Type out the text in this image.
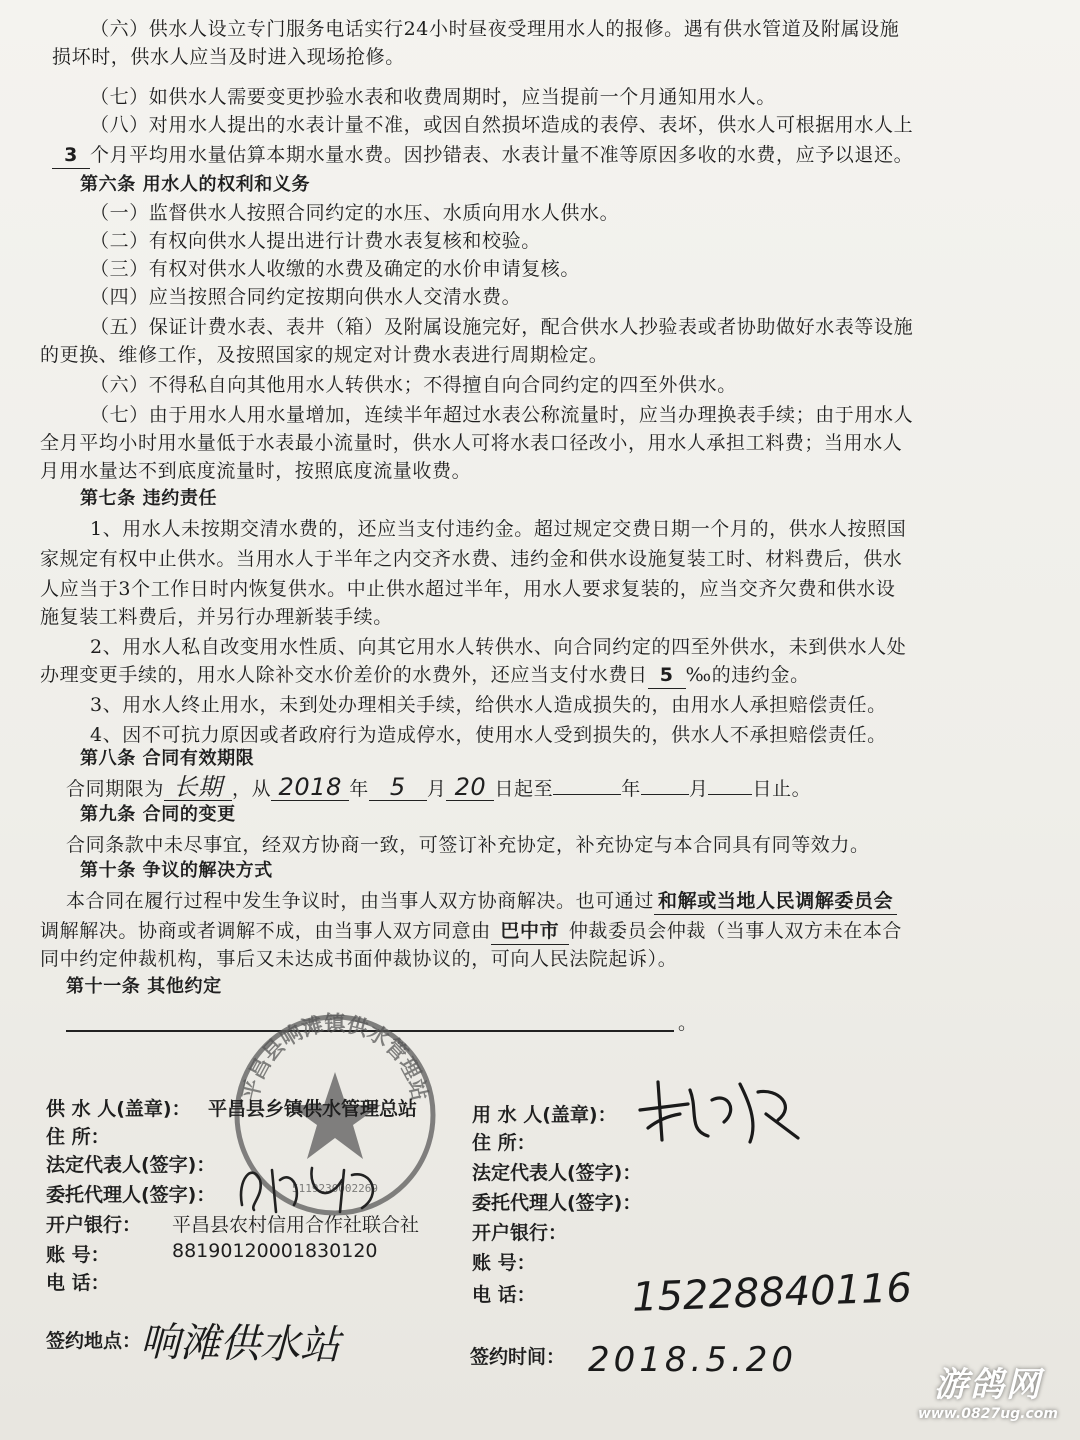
（六）供水人设立专门服务电话实行24小时昼夜受理用水人的报修。遇有供水管道及附属设施
损坏时，供水人应当及时进入现场抢修。
（七）如供水人需要变更抄验水表和收费周期时，应当提前一个月通知用水人。
（八）对用水人提出的水表计量不准，或因自然损坏造成的表停、表坏，供水人可根据用水人上
3 个月平均用水量估算本期水量水费。因抄错表、水表计量不准等原因多收的水费，应予以退还。
第六条 用水人的权利和义务
（一）监督供水人按照合同约定的水压、水质向用水人供水。
（二）有权向供水人提出进行计费水表复核和校验。
（三）有权对供水人收缴的水费及确定的水价申请复核。
（四）应当按照合同约定按期向供水人交清水费。
（五）保证计费水表、表井（箱）及附属设施完好，配合供水人抄验表或者协助做好水表等设施
的更换、维修工作，及按照国家的规定对计费水表进行周期检定。
（六）不得私自向其他用水人转供水；不得擅自向合同约定的四至外供水。
（七）由于用水人用水量增加，连续半年超过水表公称流量时，应当办理换表手续；由于用水人
全月平均小时用水量低于水表最小流量时，供水人可将水表口径改小，用水人承担工料费；当用水人
月用水量达不到底度流量时，按照底度流量收费。
第七条 违约责任
1、用水人未按期交清水费的，还应当支付违约金。超过规定交费日期一个月的，供水人按照国
家规定有权中止供水。当用水人于半年之内交齐水费、违约金和供水设施复装工时、材料费后，供水
人应当于3个工作日时内恢复供水。中止供水超过半年，用水人要求复装的，应当交齐欠费和供水设
施复装工料费后，并另行办理新装手续。
2、用水人私自改变用水性质、向其它用水人转供水、向合同约定的四至外供水，未到供水人处
办理变更手续的，用水人除补交水价差价的水费外，还应当支付水费日 5 ‰的违约金。
3、用水人终止用水，未到处办理相关手续，给供水人造成损失的，由用水人承担赔偿责任。
4、因不可抗力原因或者政府行为造成停水，使用水人受到损失的，供水人不承担赔偿责任。
第八条 合同有效期限
合同期限为 长期 ，从 2018 年 5 月 20 日起至	年	月 日止。
第九条 合同的变更
合同条款中未尽事宜，经双方协商一致，可签订补充协定，补充协定与本合同具有同等效力。
第十条 争议的解决方式
本合同在履行过程中发生争议时，由当事人双方协商解决。也可通过 和解或当地人民调解委员会
调解解决。协商或者调解不成，由当事人双方同意由 巴中市 仲裁委员会仲裁（当事人双方未在本合
同中约定仲裁机构，事后又未达成书面仲裁协议的，可向人民法院起诉）。
第十一条 其他约定
。
平昌县响滩镇供水管理站
5119230002269
供 水 人(盖章)： 平昌县乡镇供水管理总站
住 所：
法定代表人(签字)：
委托代理人(签字)：
开户银行： 平昌县农村信用合作社联合社
账 号：	88190120001830120
电 话：
用 水 人(盖章)：
住 所：
法定代表人(签字)：
委托代理人(签字)：
开户银行：
账 号：
电 话： 15228840116
签约地点：
响滩供水站	签约时间： 2018.5.20
游鸽网
www.0827ug.com
